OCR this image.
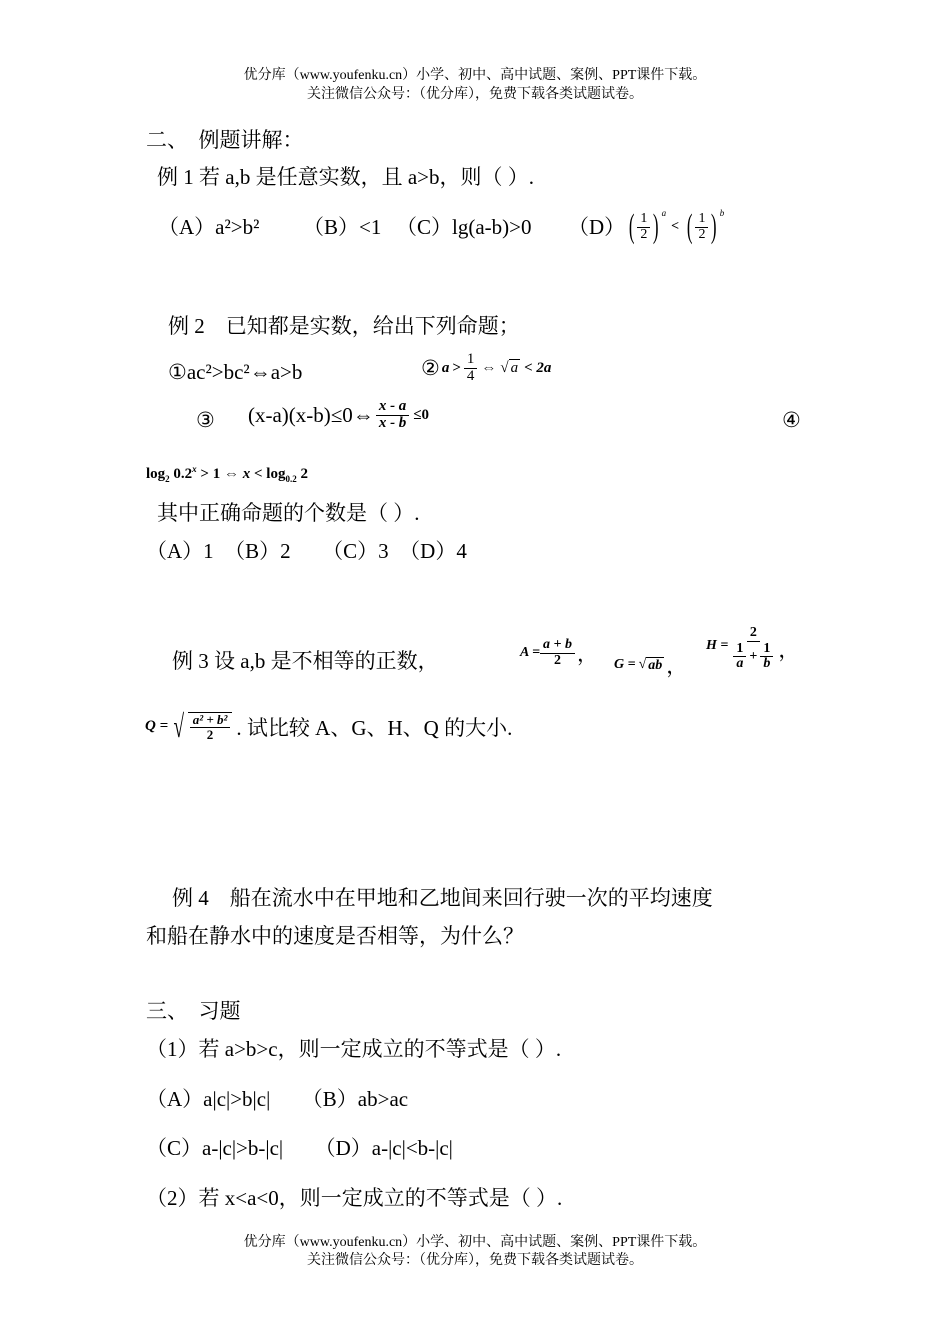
优分库（www.youfenku.cn）小学、初中、高中试题、案例、PPT课件下载。
关注微信公众号：（优分库），免费下载各类试题试卷。
二、　例题讲解：
例 1 若 a,b 是任意实数，且 a>b，则（ ）.
（A）a²>b² （B）<1 （C）lg(a-b)>0 （D） ( $\frac{1}{2}$ ) $^a$
< ( $\frac{1}{2}$ ) $^b$
例 2　已知都是实数，给出下列命题；
①ac²>bc²⇔a>b	② $a > \frac{1}{4}$ ⇔ √ a < 2a
③ (x-a)(x-b)≤0⇔ $\frac{x - a}{x - b} \le 0$	④
$\log_2 0.2^x > 1$ ⇔ $x < \log_{0.2} 2$
其中正确命题的个数是（ ）.
（A）1　（B）2　　（C）3　（D）4
例 3 设 a,b 是不相等的正数，	$A = \frac{a + b}{2}$ ， G = √ ab ，
$H = \frac{2}{\frac{1}{a} + \frac{1}{b}}$ ，
Q = √ $\frac{\text{a² + b²}}{2}$ . 试比较 A、G、H、Q 的大小.
例 4　船在流水中在甲地和乙地间来回行驶一次的平均速度
和船在静水中的速度是否相等，为什么？
三、　习题
（1）若 a>b>c，则一定成立的不等式是（ ）.
（A）a|c|>b|c|　　（B）ab>ac
（C）a-|c|>b-|c|　　（D）a-|c|<b-|c|
（2）若 x<a<0，则一定成立的不等式是（ ）.
优分库（www.youfenku.cn）小学、初中、高中试题、案例、PPT课件下载。
关注微信公众号：（优分库），免费下载各类试题试卷。
